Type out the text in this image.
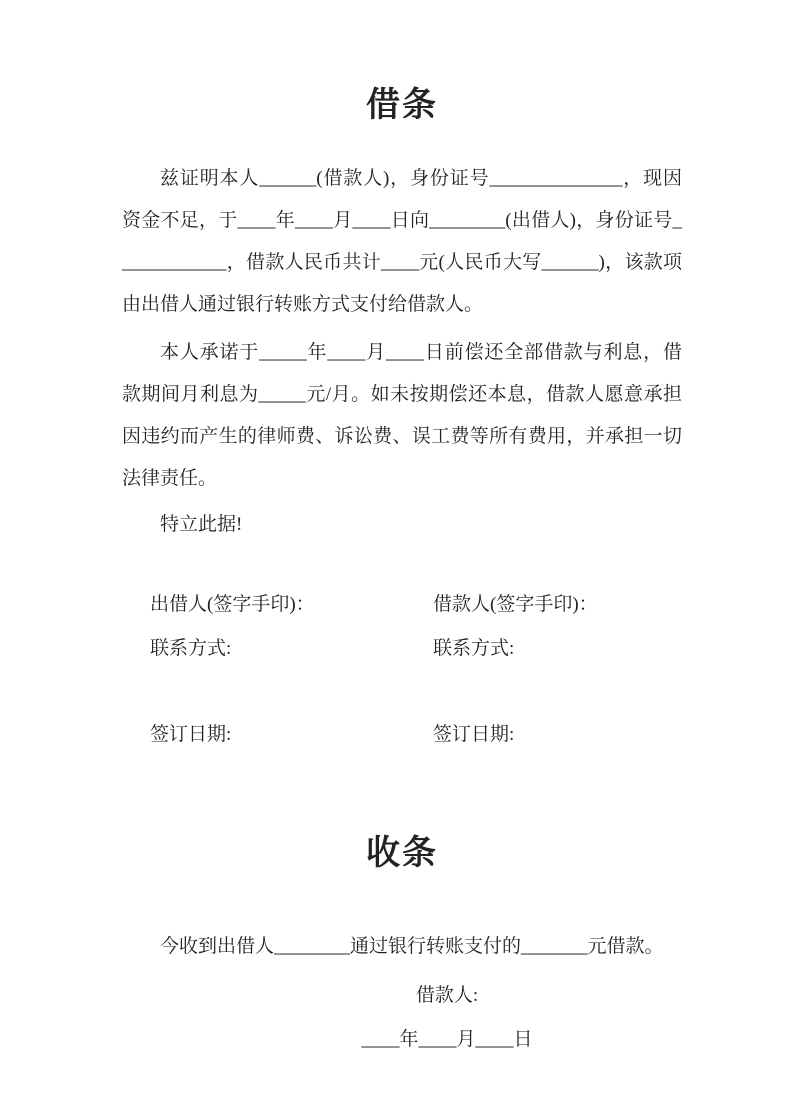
借条

兹证明本人______(借款人)，身份证号______________，现因资金不足，于____年____月____日向________(出借人)，身份证号____________，借款人民币共计____元(人民币大写______)，该款项由出借人通过银行转账方式支付给借款人。

本人承诺于_____年____月____日前偿还全部借款与利息，借款期间月利息为_____元/月。如未按期偿还本息，借款人愿意承担因违约而产生的律师费、诉讼费、误工费等所有费用，并承担一切法律责任。

特立此据!

出借人(签字手印)：	借款人(签字手印)：
联系方式:	联系方式:
签订日期:	签订日期:
收条

今收到出借人________通过银行转账支付的_______元借款。

借款人:
____年____月____日
